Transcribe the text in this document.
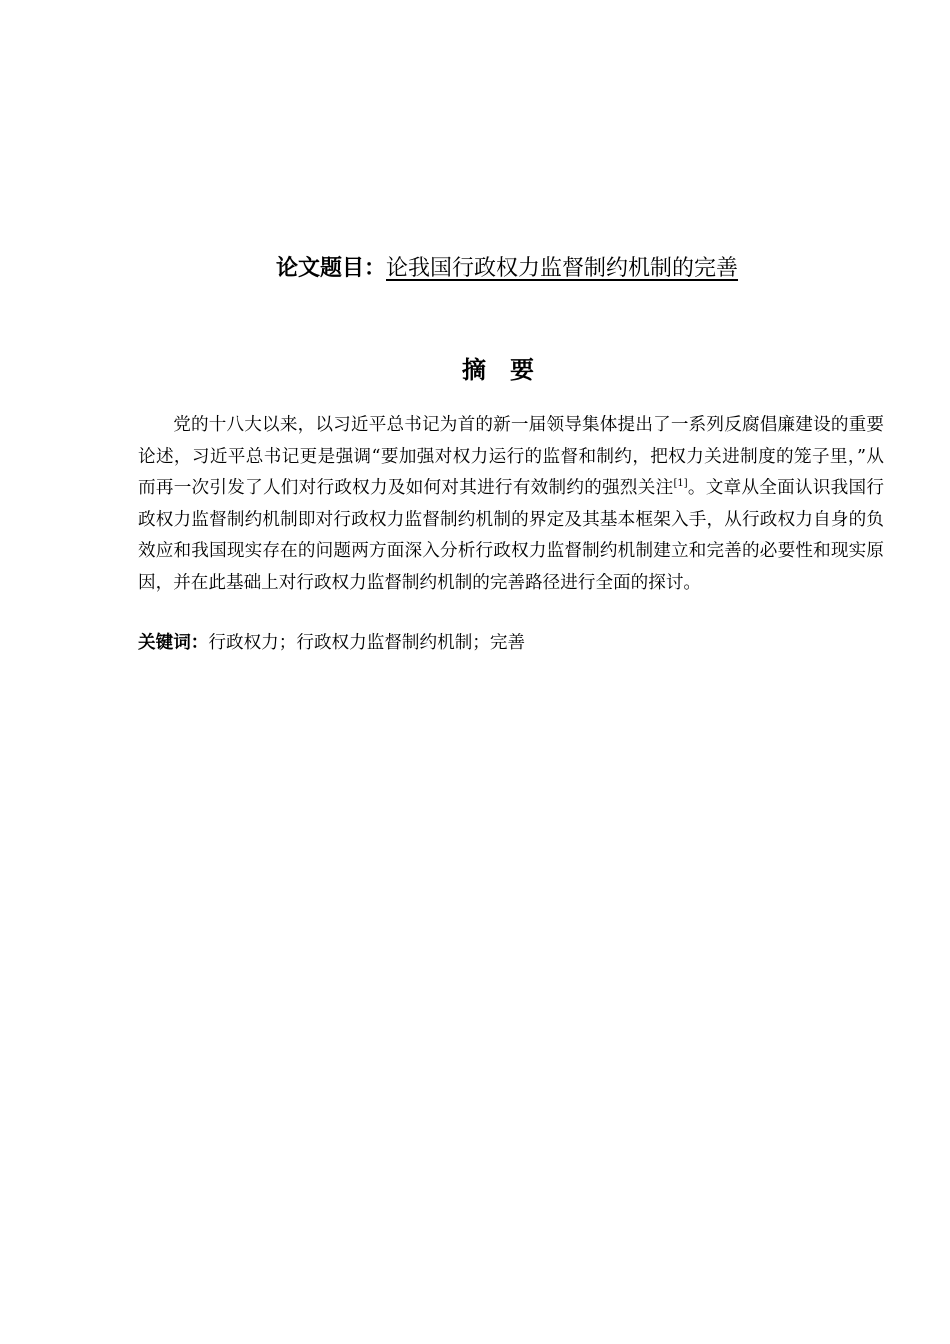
论文题目：论我国行政权力监督制约机制的完善
摘要
党的十八大以来，以习近平总书记为首的新一届领导集体提出了一系列反腐倡廉建设的重要论述，习近平总书记更是强调“要加强对权力运行的监督和制约，把权力关进制度的笼子里，”从而再一次引发了人们对行政权力及如何对其进行有效制约的强烈关注[1]。文章从全面认识我国行政权力监督制约机制即对行政权力监督制约机制的界定及其基本框架入手，从行政权力自身的负效应和我国现实存在的问题两方面深入分析行政权力监督制约机制建立和完善的必要性和现实原因，并在此基础上对行政权力监督制约机制的完善路径进行全面的探讨。
关键词：行政权力；行政权力监督制约机制；完善
